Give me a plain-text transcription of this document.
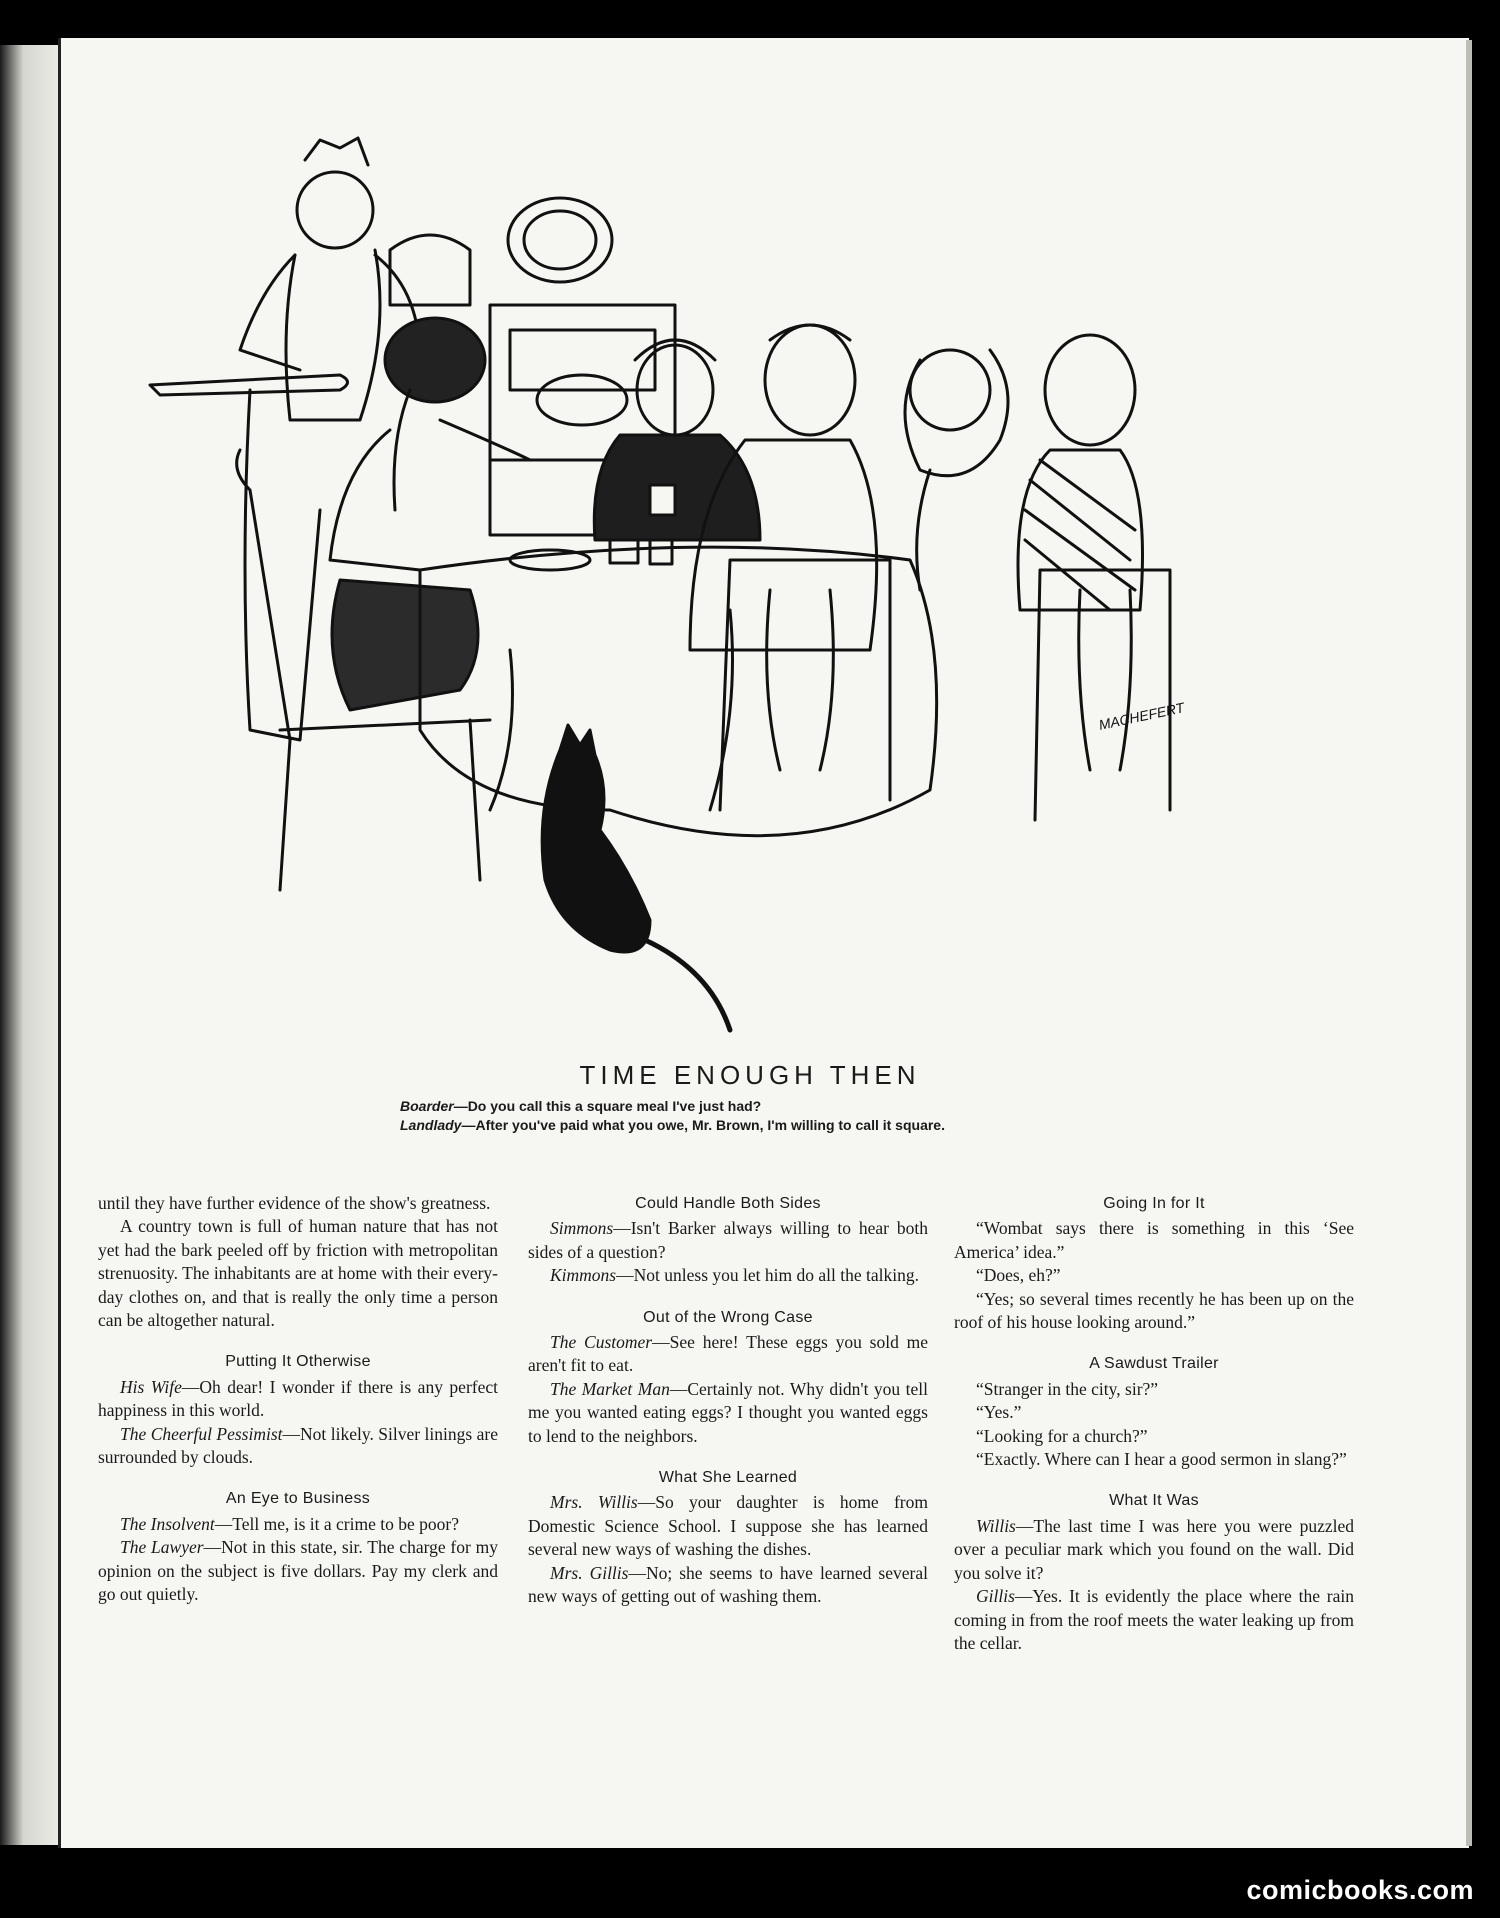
MACHEFERT
TIME ENOUGH THEN
Boarder—Do you call this a square meal I've just had?
Landlady—After you've paid what you owe, Mr. Brown, I'm willing to call it square.

until they have further evidence of the show's greatness.

A country town is full of human nature that has not yet had the bark peeled off by friction with metropolitan strenuosity. The inhabitants are at home with their every-day clothes on, and that is really the only time a person can be altogether natural.

Putting It Otherwise

His Wife—Oh dear! I wonder if there is any perfect happiness in this world.

The Cheerful Pessimist—Not likely. Silver linings are surrounded by clouds.

An Eye to Business

The Insolvent—Tell me, is it a crime to be poor?

The Lawyer—Not in this state, sir. The charge for my opinion on the subject is five dollars. Pay my clerk and go out quietly.

Could Handle Both Sides

Simmons—Isn't Barker always willing to hear both sides of a question?

Kimmons—Not unless you let him do all the talking.

Out of the Wrong Case

The Customer—See here! These eggs you sold me aren't fit to eat.

The Market Man—Certainly not. Why didn't you tell me you wanted eating eggs? I thought you wanted eggs to lend to the neighbors.

What She Learned

Mrs. Willis—So your daughter is home from Domestic Science School. I suppose she has learned several new ways of washing the dishes.

Mrs. Gillis—No; she seems to have learned several new ways of getting out of washing them.

Going In for It

“Wombat says there is something in this ‘See America’ idea.”

“Does, eh?”

“Yes; so several times recently he has been up on the roof of his house looking around.”

A Sawdust Trailer

“Stranger in the city, sir?”

“Yes.”

“Looking for a church?”

“Exactly. Where can I hear a good sermon in slang?”

What It Was

Willis—The last time I was here you were puzzled over a peculiar mark which you found on the wall. Did you solve it?

Gillis—Yes. It is evidently the place where the rain coming in from the roof meets the water leaking up from the cellar.

comicbooks.com
